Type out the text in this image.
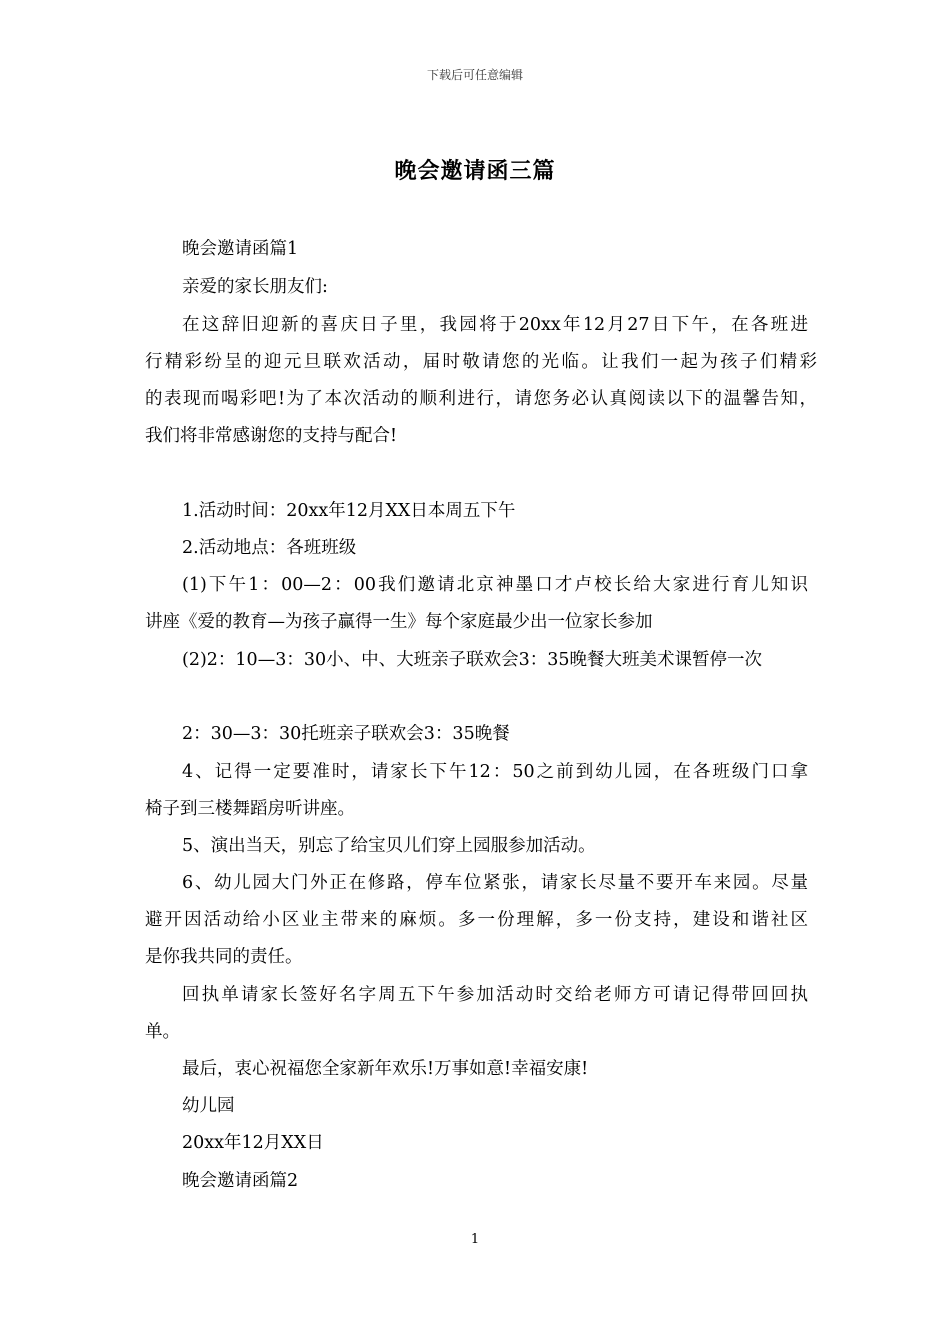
下载后可任意编辑
晚会邀请函三篇
晚会邀请函篇1
亲爱的家长朋友们:
在这辞旧迎新的喜庆日子里，我园将于20xx年12月27日下午，在各班进
行精彩纷呈的迎元旦联欢活动，届时敬请您的光临。让我们一起为孩子们精彩
的表现而喝彩吧!为了本次活动的顺利进行，请您务必认真阅读以下的温馨告知，
我们将非常感谢您的支持与配合!
1.活动时间：20xx年12月XX日本周五下午
2.活动地点：各班班级
(1)下午1：00—2：00我们邀请北京神墨口才卢校长给大家进行育儿知识
讲座《爱的教育—为孩子赢得一生》每个家庭最少出一位家长参加
(2)2：10—3：30小、中、大班亲子联欢会3：35晚餐大班美术课暂停一次
2：30—3：30托班亲子联欢会3：35晚餐
4、记得一定要准时，请家长下午12：50之前到幼儿园，在各班级门口拿
椅子到三楼舞蹈房听讲座。
5、演出当天，别忘了给宝贝儿们穿上园服参加活动。
6、幼儿园大门外正在修路，停车位紧张，请家长尽量不要开车来园。尽量
避开因活动给小区业主带来的麻烦。多一份理解，多一份支持，建设和谐社区
是你我共同的责任。
回执单请家长签好名字周五下午参加活动时交给老师方可请记得带回回执
单。
最后，衷心祝福您全家新年欢乐!万事如意!幸福安康!
幼儿园
20xx年12月XX日
晚会邀请函篇2
1
